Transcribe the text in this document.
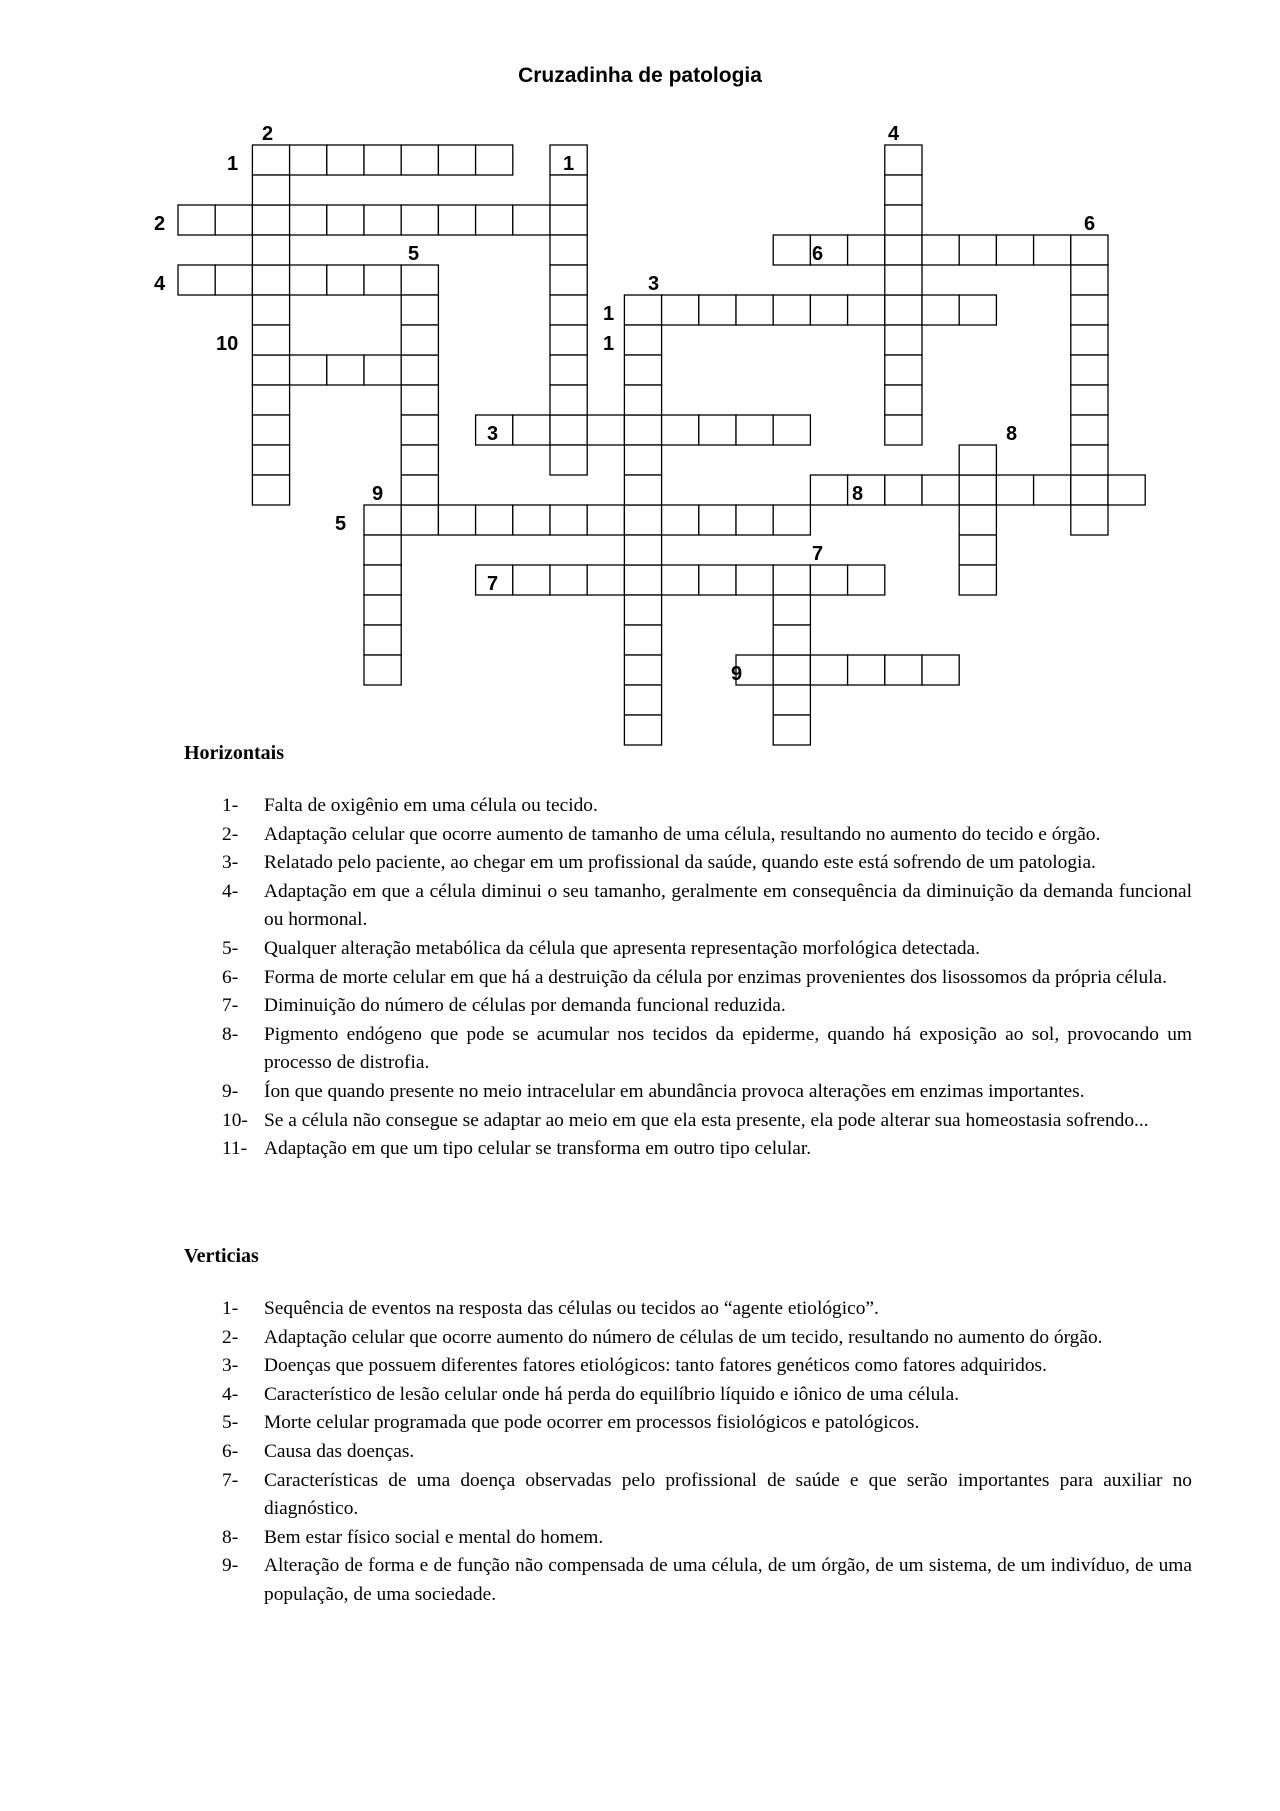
Cruzadinha de patologia
1
2
1
4
2	6
6
5
4	3
1
1
10
3	8
9	8
5
7
7
9
Horizontais
1- Falta de oxigênio em uma célula ou tecido.
2- Adaptação celular que ocorre aumento de tamanho de uma célula, resultando no aumento do tecido e órgão.
3- Relatado pelo paciente, ao chegar em um profissional da saúde, quando este está sofrendo de um patologia.
4- Adaptação em que a célula diminui o seu tamanho, geralmente em consequência da diminuição da demanda funcional ou hormonal.
5- Qualquer alteração metabólica da célula que apresenta representação morfológica detectada.
6- Forma de morte celular em que há a destruição da célula por enzimas provenientes dos lisossomos da própria célula.
7- Diminuição do número de células por demanda funcional reduzida.
8- Pigmento endógeno que pode se acumular nos tecidos da epiderme, quando há exposição ao sol, provocando um processo de distrofia.
9- Íon que quando presente no meio intracelular em abundância provoca alterações em enzimas importantes.
10- Se a célula não consegue se adaptar ao meio em que ela esta presente, ela pode alterar sua homeostasia sofrendo...
11- Adaptação em que um tipo celular se transforma em outro tipo celular.
Verticias
1- Sequência de eventos na resposta das células ou tecidos ao “agente etiológico”.
2- Adaptação celular que ocorre aumento do número de células de um tecido, resultando no aumento do órgão.
3- Doenças que possuem diferentes fatores etiológicos: tanto fatores genéticos como fatores adquiridos.
4- Característico de lesão celular onde há perda do equilíbrio líquido e iônico de uma célula.
5- Morte celular programada que pode ocorrer em processos fisiológicos e patológicos.
6- Causa das doenças.
7- Características de uma doença observadas pelo profissional de saúde e que serão importantes para auxiliar no diagnóstico.
8- Bem estar físico social e mental do homem.
9- Alteração de forma e de função não compensada de uma célula, de um órgão, de um sistema, de um indivíduo, de uma população, de uma sociedade.
